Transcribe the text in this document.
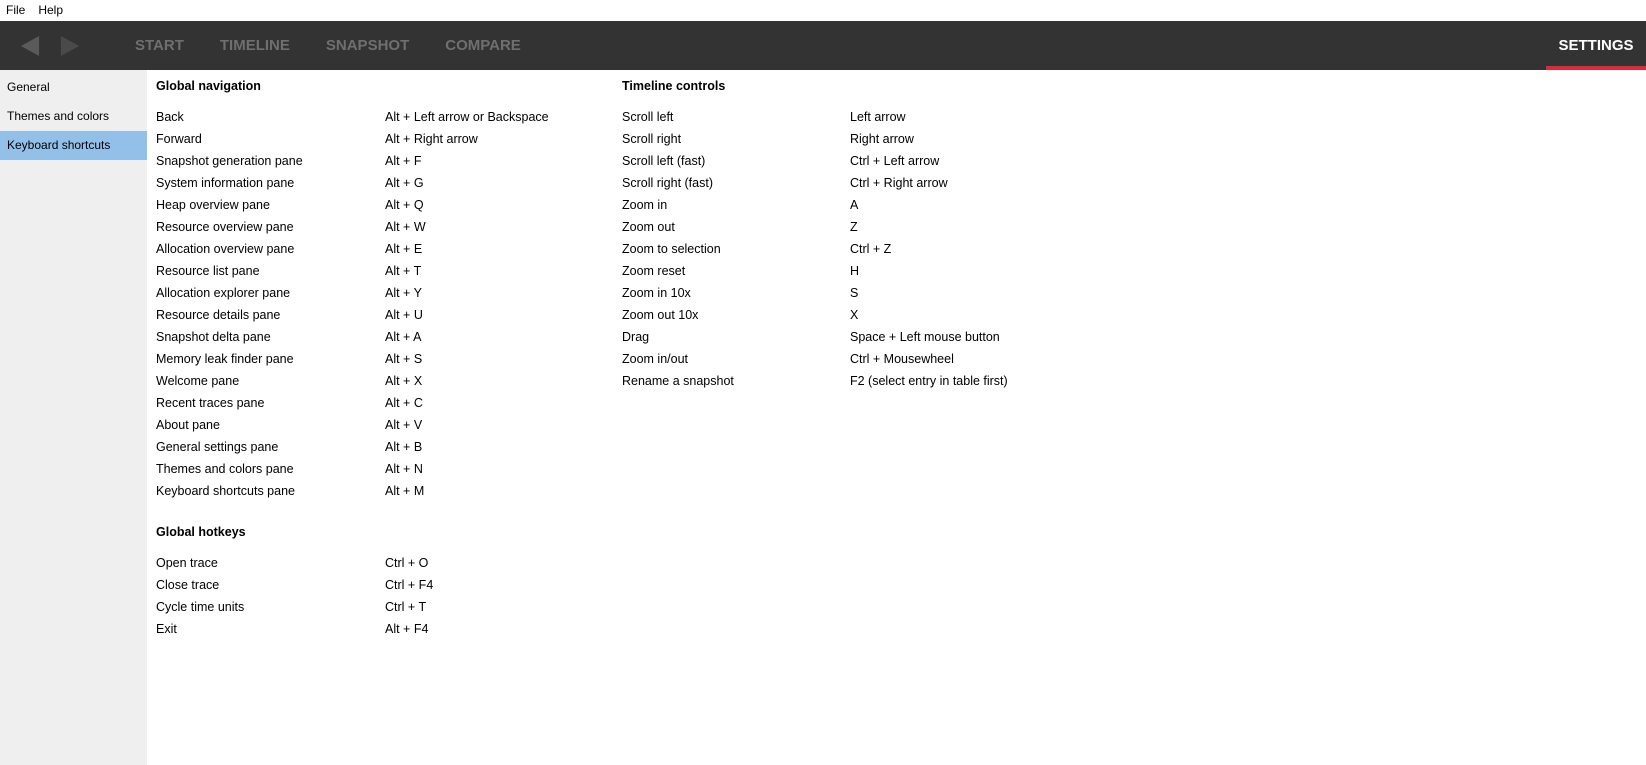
File	Help
START TIMELINE SNAPSHOT COMPARE	SETTINGS
General
Themes and colors
Keyboard shortcuts
Global navigation
Back	Alt + Left arrow or Backspace
Forward	Alt + Right arrow
Snapshot generation pane	Alt + F
System information pane	Alt + G
Heap overview pane	Alt + Q
Resource overview pane	Alt + W
Allocation overview pane	Alt + E
Resource list pane	Alt + T
Allocation explorer pane	Alt + Y
Resource details pane	Alt + U
Snapshot delta pane	Alt + A
Memory leak finder pane	Alt + S
Welcome pane	Alt + X
Recent traces pane	Alt + C
About pane	Alt + V
General settings pane	Alt + B
Themes and colors pane	Alt + N
Keyboard shortcuts pane	Alt + M
Global hotkeys
Open trace	Ctrl + O
Close trace	Ctrl + F4
Cycle time units	Ctrl + T
Exit	Alt + F4
Timeline controls
Scroll left	Left arrow
Scroll right	Right arrow
Scroll left (fast)	Ctrl + Left arrow
Scroll right (fast)	Ctrl + Right arrow
Zoom in	A
Zoom out	Z
Zoom to selection	Ctrl + Z
Zoom reset	H
Zoom in 10x	S
Zoom out 10x	X
Drag	Space + Left mouse button
Zoom in/out	Ctrl + Mousewheel
Rename a snapshot	F2 (select entry in table first)
